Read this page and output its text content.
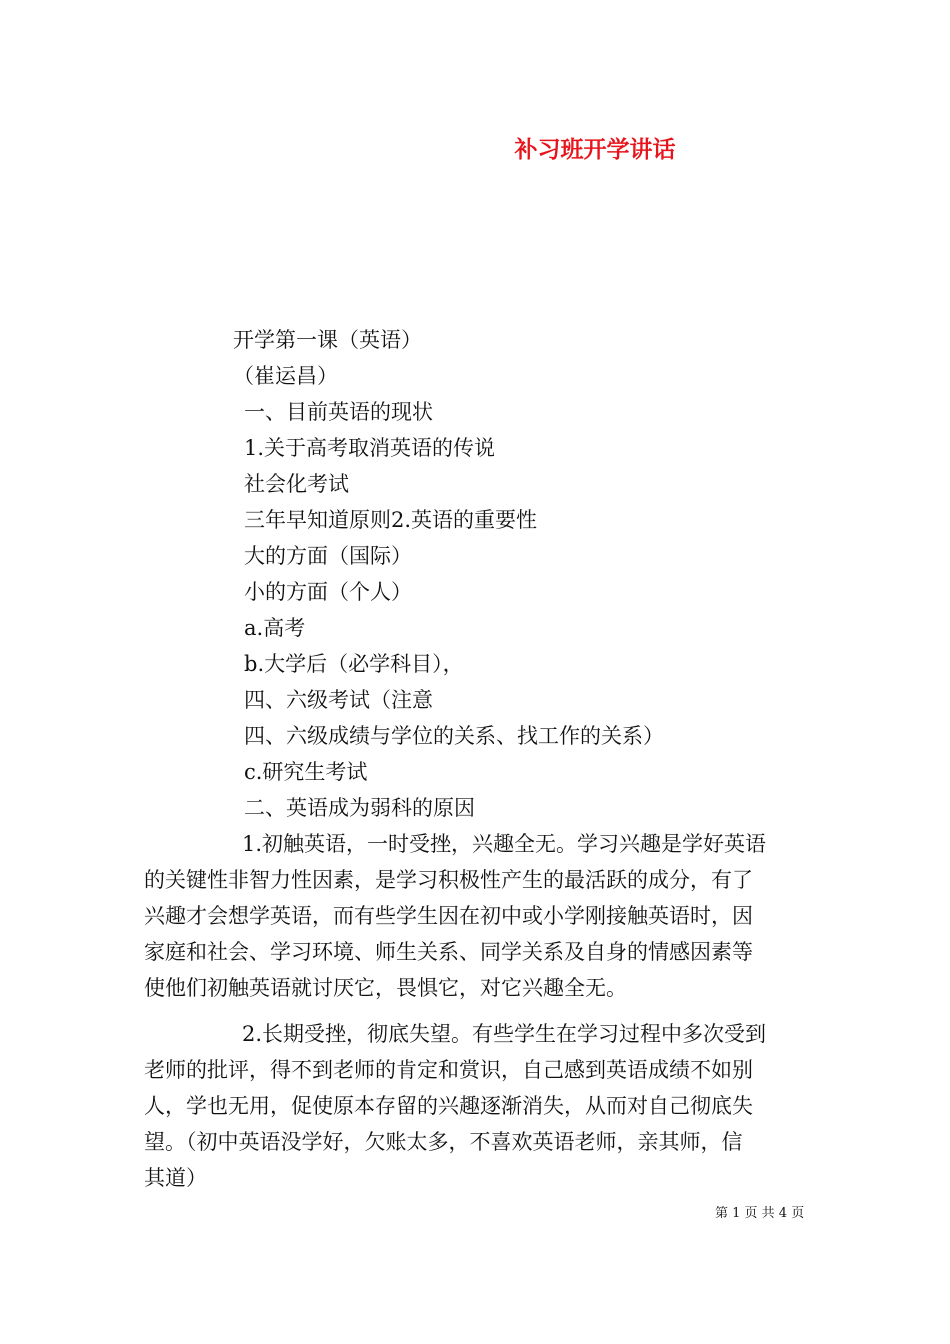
补习班开学讲话
开学第一课（英语）
（崔运昌）
一、目前英语的现状
1.关于高考取消英语的传说
社会化考试
三年早知道原则2.英语的重要性
大的方面（国际）
小的方面（个人）
a.高考
b.大学后（必学科目），
四、六级考试（注意
四、六级成绩与学位的关系、找工作的关系）
c.研究生考试
二、英语成为弱科的原因
1.初触英语，一时受挫，兴趣全无。学习兴趣是学好英语
的关键性非智力性因素，是学习积极性产生的最活跃的成分，有了
兴趣才会想学英语，而有些学生因在初中或小学刚接触英语时，因
家庭和社会、学习环境、师生关系、同学关系及自身的情感因素等
使他们初触英语就讨厌它，畏惧它，对它兴趣全无。
2.长期受挫，彻底失望。有些学生在学习过程中多次受到
老师的批评，得不到老师的肯定和赏识，自己感到英语成绩不如别
人，学也无用，促使原本存留的兴趣逐渐消失，从而对自己彻底失
望。（初中英语没学好，欠账太多，不喜欢英语老师，亲其师，信
其道）
第 1 页 共 4 页
